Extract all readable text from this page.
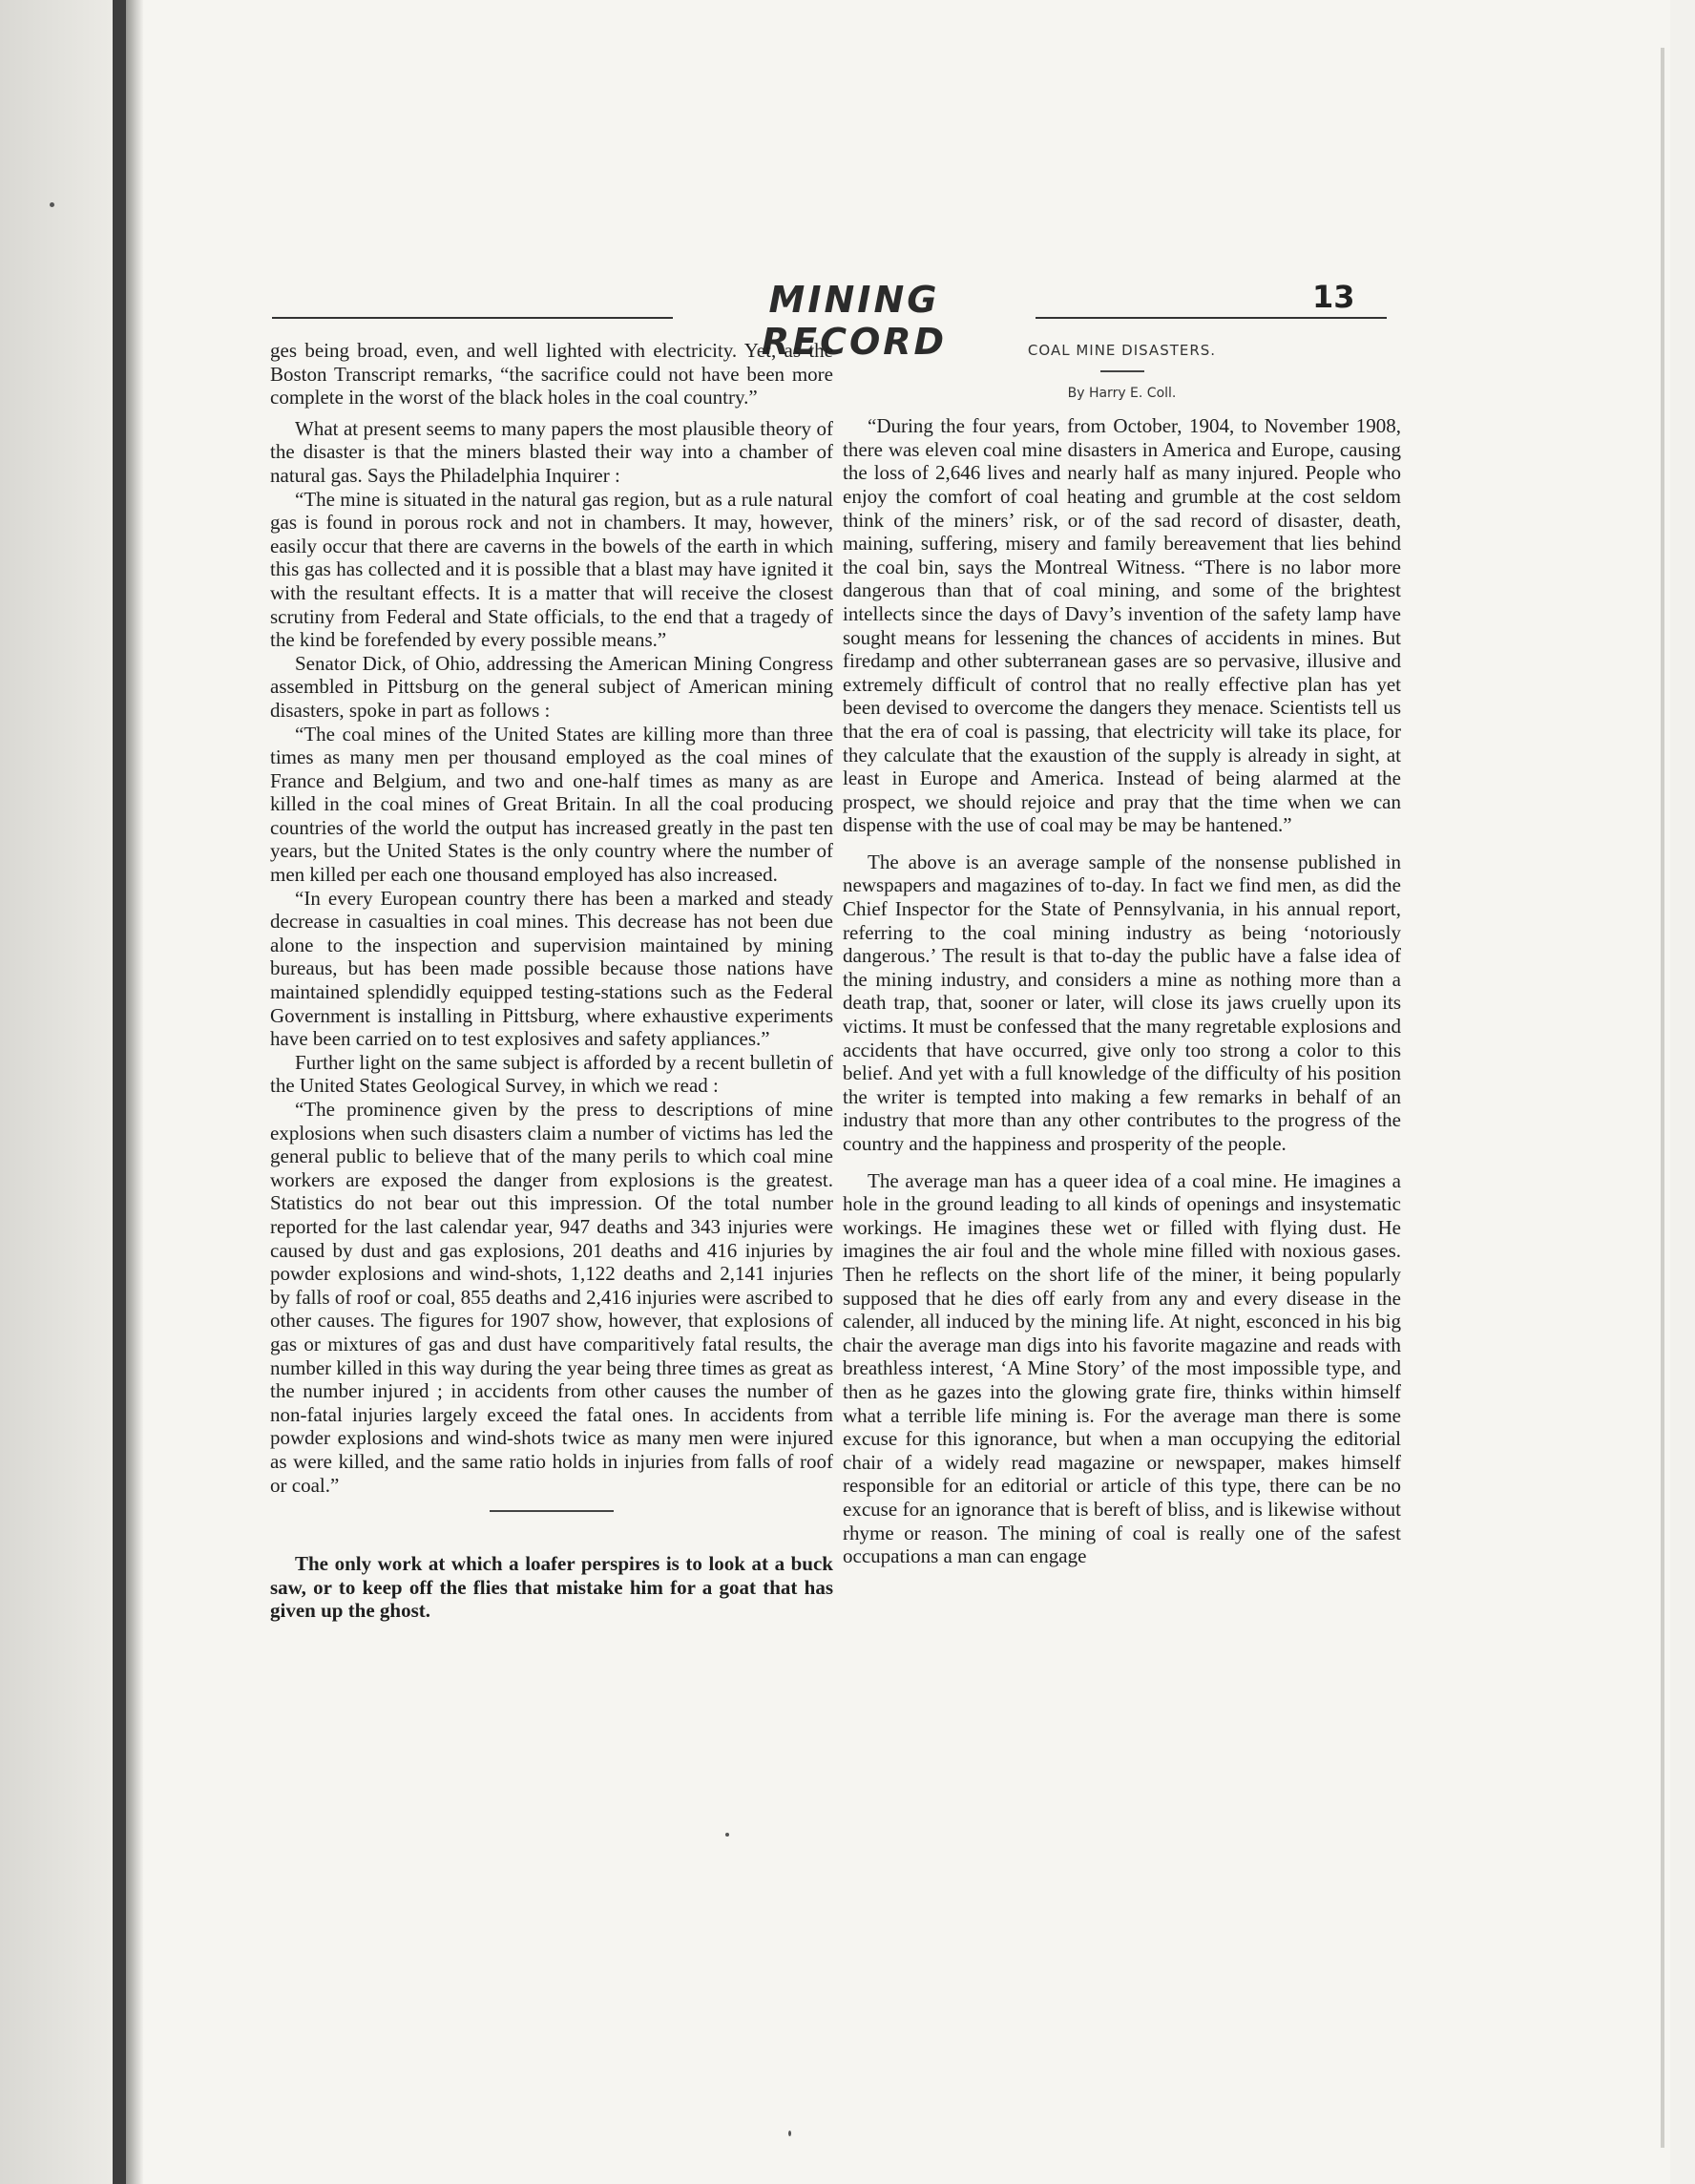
MINING RECORD
13

ges being broad, even, and well lighted with electricity. Yet, as the Boston Transcript remarks, “the sacrifice could not have been more complete in the worst of the black holes in the coal country.”

What at present seems to many papers the most plausible theory of the disaster is that the miners blasted their way into a chamber of natural gas. Says the Philadelphia Inquirer :

“The mine is situated in the natural gas region, but as a rule natural gas is found in porous rock and not in chambers. It may, however, easily occur that there are caverns in the bowels of the earth in which this gas has collected and it is possible that a blast may have ignited it with the resultant effects. It is a matter that will receive the closest scrutiny from Federal and State officials, to the end that a tragedy of the kind be forefended by every possible means.”

Senator Dick, of Ohio, addressing the American Mining Congress assembled in Pittsburg on the general subject of American mining disasters, spoke in part as follows :

“The coal mines of the United States are killing more than three times as many men per thousand employed as the coal mines of France and Belgium, and two and one-half times as many as are killed in the coal mines of Great Britain. In all the coal producing countries of the world the output has increased greatly in the past ten years, but the United States is the only country where the number of men killed per each one thousand employed has also increased.

“In every European country there has been a marked and steady decrease in casualties in coal mines. This decrease has not been due alone to the inspection and supervision maintained by mining bureaus, but has been made possible because those nations have maintained splendidly equipped testing-stations such as the Federal Government is installing in Pittsburg, where exhaustive experiments have been carried on to test explosives and safety appliances.”

Further light on the same subject is afforded by a recent bulletin of the United States Geological Survey, in which we read :

“The prominence given by the press to descriptions of mine explosions when such disasters claim a number of victims has led the general public to believe that of the many perils to which coal mine workers are exposed the danger from explosions is the greatest. Statistics do not bear out this impression. Of the total number reported for the last calendar year, 947 deaths and 343 injuries were caused by dust and gas explosions, 201 deaths and 416 injuries by powder explosions and wind-shots, 1,122 deaths and 2,141 injuries by falls of roof or coal, 855 deaths and 2,416 injuries were ascribed to other causes. The figures for 1907 show, however, that explosions of gas or mixtures of gas and dust have comparitively fatal results, the number killed in this way during the year being three times as great as the number injured ; in accidents from other causes the number of non-fatal injuries largely exceed the fatal ones. In accidents from powder explosions and wind-shots twice as many men were injured as were killed, and the same ratio holds in injuries from falls of roof or coal.”

The only work at which a loafer perspires is to look at a buck saw, or to keep off the flies that mistake him for a goat that has given up the ghost.

COAL MINE DISASTERS.
By Harry E. Coll.

“During the four years, from October, 1904, to November 1908, there was eleven coal mine disasters in America and Europe, causing the loss of 2,646 lives and nearly half as many injured. People who enjoy the comfort of coal heating and grumble at the cost seldom think of the miners’ risk, or of the sad record of disaster, death, maining, suffering, misery and family bereavement that lies behind the coal bin, says the Montreal Witness. “There is no labor more dangerous than that of coal mining, and some of the brightest intellects since the days of Davy’s invention of the safety lamp have sought means for lessening the chances of accidents in mines. But firedamp and other subterranean gases are so pervasive, illusive and extremely difficult of control that no really effective plan has yet been devised to overcome the dangers they menace. Scientists tell us that the era of coal is passing, that electricity will take its place, for they calculate that the exaustion of the supply is already in sight, at least in Europe and America. Instead of being alarmed at the prospect, we should rejoice and pray that the time when we can dispense with the use of coal may be may be hantened.”

The above is an average sample of the nonsense published in newspapers and magazines of to-day. In fact we find men, as did the Chief Inspector for the State of Pennsylvania, in his annual report, referring to the coal mining industry as being ‘notoriously dangerous.’ The result is that to-day the public have a false idea of the mining industry, and considers a mine as nothing more than a death trap, that, sooner or later, will close its jaws cruelly upon its victims. It must be confessed that the many regretable explosions and accidents that have occurred, give only too strong a color to this belief. And yet with a full knowledge of the difficulty of his position the writer is tempted into making a few remarks in behalf of an industry that more than any other contributes to the progress of the country and the happiness and prosperity of the people.

The average man has a queer idea of a coal mine. He imagines a hole in the ground leading to all kinds of openings and insystematic workings. He imagines these wet or filled with flying dust. He imagines the air foul and the whole mine filled with noxious gases. Then he reflects on the short life of the miner, it being popularly supposed that he dies off early from any and every disease in the calender, all induced by the mining life. At night, esconced in his big chair the average man digs into his favorite magazine and reads with breathless interest, ‘A Mine Story’ of the most impossible type, and then as he gazes into the glowing grate fire, thinks within himself what a terrible life mining is. For the average man there is some excuse for this ignorance, but when a man occupying the editorial chair of a widely read magazine or newspaper, makes himself responsible for an editorial or article of this type, there can be no excuse for an ignorance that is bereft of bliss, and is likewise without rhyme or reason. The mining of coal is really one of the safest occupations a man can engage
